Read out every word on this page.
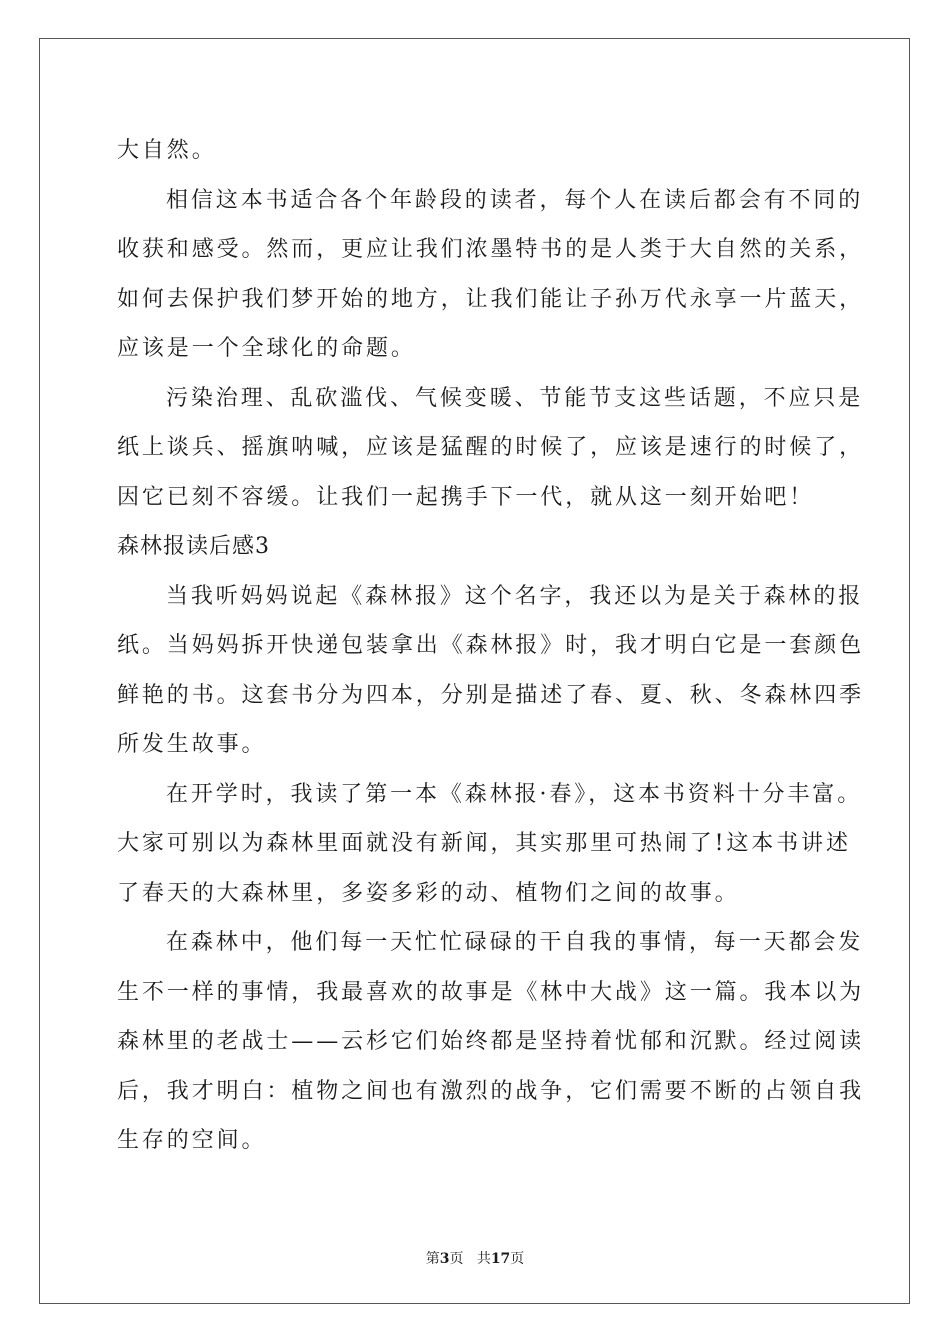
大自然。
相信这本书适合各个年龄段的读者，每个人在读后都会有不同的
收获和感受。然而，更应让我们浓墨特书的是人类于大自然的关系，
如何去保护我们梦开始的地方，让我们能让子孙万代永享一片蓝天，
应该是一个全球化的命题。
污染治理、乱砍滥伐、气候变暖、节能节支这些话题，不应只是
纸上谈兵、摇旗呐喊，应该是猛醒的时候了，应该是速行的时候了，
因它已刻不容缓。让我们一起携手下一代，就从这一刻开始吧！
森林报读后感3
当我听妈妈说起《森林报》这个名字，我还以为是关于森林的报
纸。当妈妈拆开快递包装拿出《森林报》时，我才明白它是一套颜色
鲜艳的书。这套书分为四本，分别是描述了春、夏、秋、冬森林四季
所发生故事。
在开学时，我读了第一本《森林报·春》，这本书资料十分丰富。
大家可别以为森林里面就没有新闻，其实那里可热闹了!这本书讲述
了春天的大森林里，多姿多彩的动、植物们之间的故事。
在森林中，他们每一天忙忙碌碌的干自我的事情，每一天都会发
生不一样的事情，我最喜欢的故事是《林中大战》这一篇。我本以为
森林里的老战士——云杉它们始终都是坚持着忧郁和沉默。经过阅读
后，我才明白：植物之间也有激烈的战争，它们需要不断的占领自我
生存的空间。
第3页 共17页
